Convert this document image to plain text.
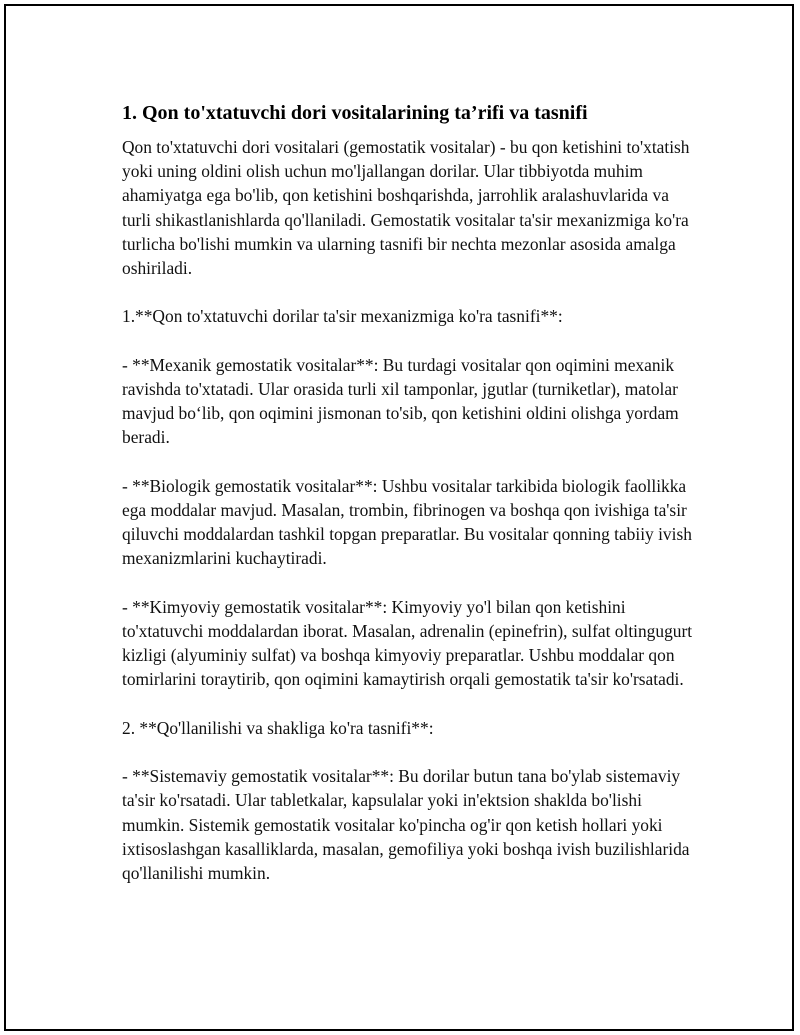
1. Qon to'xtatuvchi dori vositalarining ta’rifi va tasnifi

Qon to'xtatuvchi dori vositalari (gemostatik vositalar) - bu qon ketishini to'xtatish yoki uning oldini olish uchun mo'ljallangan dorilar. Ular tibbiyotda muhim ahamiyatga ega bo'lib, qon ketishini boshqarishda, jarrohlik aralashuvlarida va turli shikastlanishlarda qo'llaniladi. Gemostatik vositalar ta'sir mexanizmiga ko'ra turlicha bo'lishi mumkin va ularning tasnifi bir nechta mezonlar asosida amalga oshiriladi.

1.**Qon to'xtatuvchi dorilar ta'sir mexanizmiga ko'ra tasnifi**:

- **Mexanik gemostatik vositalar**: Bu turdagi vositalar qon oqimini mexanik ravishda to'xtatadi. Ular orasida turli xil tamponlar, jgutlar (turniketlar), matolar mavjud bo‘lib, qon oqimini jismonan to'sib, qon ketishini oldini olishga yordam beradi.

- **Biologik gemostatik vositalar**: Ushbu vositalar tarkibida biologik faollikka ega moddalar mavjud. Masalan, trombin, fibrinogen va boshqa qon ivishiga ta'sir qiluvchi moddalardan tashkil topgan preparatlar. Bu vositalar qonning tabiiy ivish mexanizmlarini kuchaytiradi.

- **Kimyoviy gemostatik vositalar**: Kimyoviy yo'l bilan qon ketishini to'xtatuvchi moddalardan iborat. Masalan, adrenalin (epinefrin), sulfat oltingugurt kizligi (alyuminiy sulfat) va boshqa kimyoviy preparatlar. Ushbu moddalar qon tomirlarini toraytirib, qon oqimini kamaytirish orqali gemostatik ta'sir ko'rsatadi.

2. **Qo'llanilishi va shakliga ko'ra tasnifi**:

- **Sistemaviy gemostatik vositalar**: Bu dorilar butun tana bo'ylab sistemaviy ta'sir ko'rsatadi. Ular tabletkalar, kapsulalar yoki in'ektsion shaklda bo'lishi mumkin. Sistemik gemostatik vositalar ko'pincha og'ir qon ketish hollari yoki ixtisoslashgan kasalliklarda, masalan, gemofiliya yoki boshqa ivish buzilishlarida qo'llanilishi mumkin.
